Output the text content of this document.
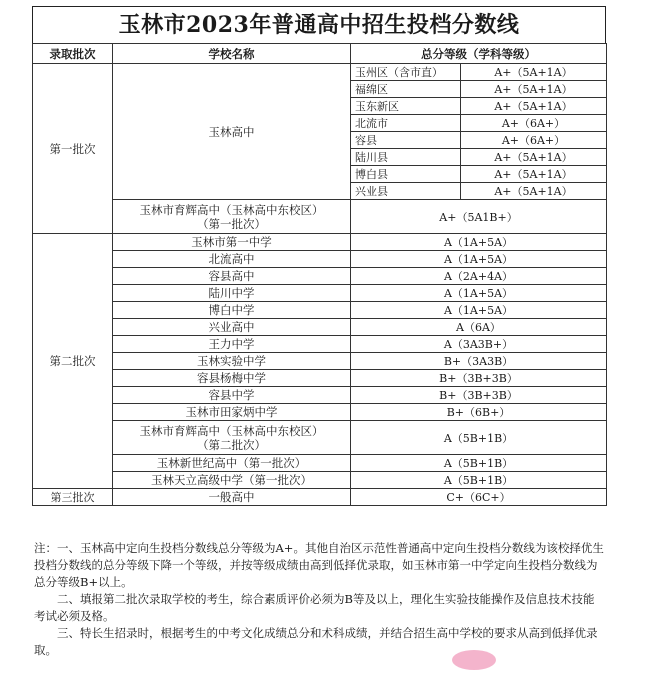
玉林市2023年普通高中招生投档分数线
录取批次	学校名称	总分等级（学科等级）	
第一批次	玉林高中	玉州区（含市直）	A+（5A+1A）
		福绵区	A+（5A+1A）
		玉东新区	A+（5A+1A）
		北流市	A+（6A+）
		容县	A+（6A+）
		陆川县	A+（5A+1A）
		博白县	A+（5A+1A）
		兴业县	A+（5A+1A）
	玉林市育辉高中（玉林高中东校区）
（第一批次）	A+（5A1B+）	
第二批次	玉林市第一中学	A（1A+5A）	
	北流高中	A（1A+5A）	
	容县高中	A（2A+4A）	
	陆川中学	A（1A+5A）	
	博白中学	A（1A+5A）	
	兴业高中	A（6A）	
	王力中学	A（3A3B+）	
	玉林实验中学	B+（3A3B）	
	容县杨梅中学	B+（3B+3B）	
	容县中学	B+（3B+3B）	
	玉林市田家炳中学	B+（6B+）	
	玉林市育辉高中（玉林高中东校区）
（第二批次）	A（5B+1B）	
	玉林新世纪高中（第一批次）	A（5B+1B）	
	玉林天立高级中学（第一批次）	A（5B+1B）	
第三批次	一般高中	C+（6C+）	

注：一、玉林高中定向生投档分数线总分等级为A+。其他自治区示范性普通高中定向生投档分数线为该校择优生投档分数线的总分等级下降一个等级，并按等级成绩由高到低择优录取，如玉林市第一中学定向生投档分数线为总分等级B+以上。

二、填报第二批次录取学校的考生，综合素质评价必须为B等及以上，理化生实验技能操作及信息技术技能考试必须及格。

三、特长生招录时，根据考生的中考文化成绩总分和术科成绩，并结合招生高中学校的要求从高到低择优录取。
